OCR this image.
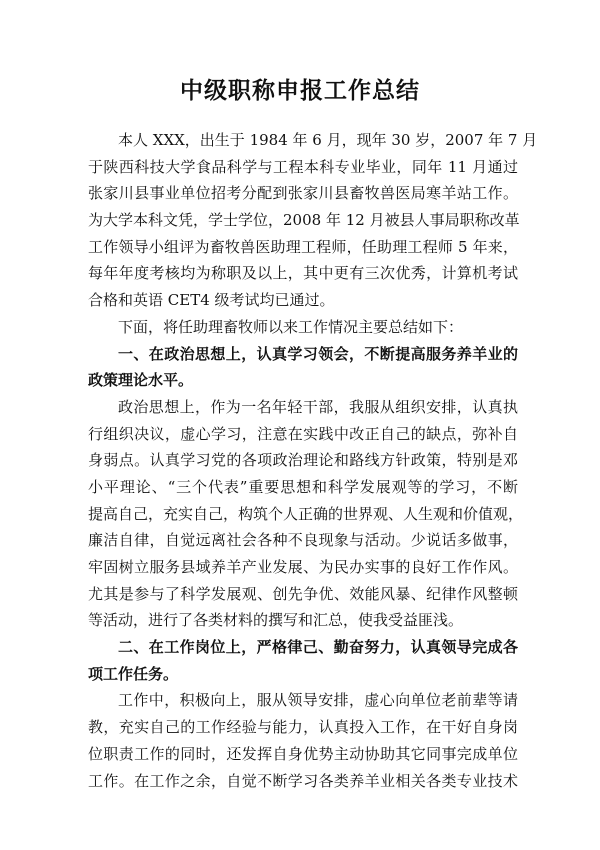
中级职称申报工作总结
本人 XXX，出生于 1984 年 6 月，现年 30 岁，2007 年 7 月
于陕西科技大学食品科学与工程本科专业毕业，同年 11 月通过
张家川县事业单位招考分配到张家川县畜牧兽医局寒羊站工作。
为大学本科文凭，学士学位，2008 年 12 月被县人事局职称改革
工作领导小组评为畜牧兽医助理工程师，任助理工程师 5 年来，
每年年度考核均为称职及以上，其中更有三次优秀，计算机考试
合格和英语 CET4 级考试均已通过。
下面，将任助理畜牧师以来工作情况主要总结如下：
一、在政治思想上，认真学习领会，不断提高服务养羊业的
政策理论水平。
政治思想上，作为一名年轻干部，我服从组织安排，认真执
行组织决议，虚心学习，注意在实践中改正自己的缺点，弥补自
身弱点。认真学习党的各项政治理论和路线方针政策，特别是邓
小平理论、“三个代表”重要思想和科学发展观等的学习，不断
提高自己，充实自己，构筑个人正确的世界观、人生观和价值观，
廉洁自律，自觉远离社会各种不良现象与活动。少说话多做事，
牢固树立服务县域养羊产业发展、为民办实事的良好工作作风。
尤其是参与了科学发展观、创先争优、效能风暴、纪律作风整顿
等活动，进行了各类材料的撰写和汇总，使我受益匪浅。
二、在工作岗位上，严格律己、勤奋努力，认真领导完成各
项工作任务。
工作中，积极向上，服从领导安排，虚心向单位老前辈等请
教，充实自己的工作经验与能力，认真投入工作，在干好自身岗
位职责工作的同时，还发挥自身优势主动协助其它同事完成单位
工作。在工作之余，自觉不断学习各类养羊业相关各类专业技术
